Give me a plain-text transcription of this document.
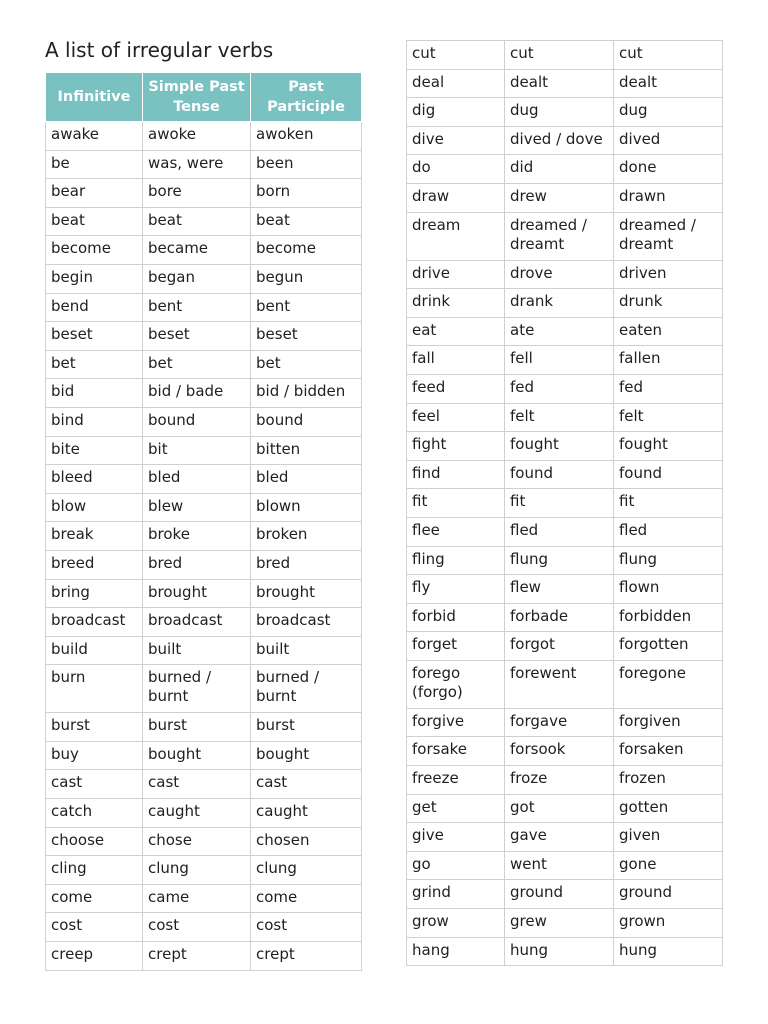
A list of irregular verbs
Infinitive	Simple Past Tense	Past Participle
awake	awoke	awoken
be	was, were	been
bear	bore	born
beat	beat	beat
become	became	become
begin	began	begun
bend	bent	bent
beset	beset	beset
bet	bet	bet
bid	bid / bade	bid / bidden
bind	bound	bound
bite	bit	bitten
bleed	bled	bled
blow	blew	blown
break	broke	broken
breed	bred	bred
bring	brought	brought
broadcast	broadcast	broadcast
build	built	built
burn	burned / burnt	burned / burnt
burst	burst	burst
buy	bought	bought
cast	cast	cast
catch	caught	caught
choose	chose	chosen
cling	clung	clung
come	came	come
cost	cost	cost
creep	crept	crept
cut	cut	cut
deal	dealt	dealt
dig	dug	dug
dive	dived / dove	dived
do	did	done
draw	drew	drawn
dream	dreamed / dreamt	dreamed / dreamt
drive	drove	driven
drink	drank	drunk
eat	ate	eaten
fall	fell	fallen
feed	fed	fed
feel	felt	felt
fight	fought	fought
find	found	found
fit	fit	fit
flee	fled	fled
fling	flung	flung
fly	flew	flown
forbid	forbade	forbidden
forget	forgot	forgotten
forego (forgo)	forewent	foregone
forgive	forgave	forgiven
forsake	forsook	forsaken
freeze	froze	frozen
get	got	gotten
give	gave	given
go	went	gone
grind	ground	ground
grow	grew	grown
hang	hung	hung
